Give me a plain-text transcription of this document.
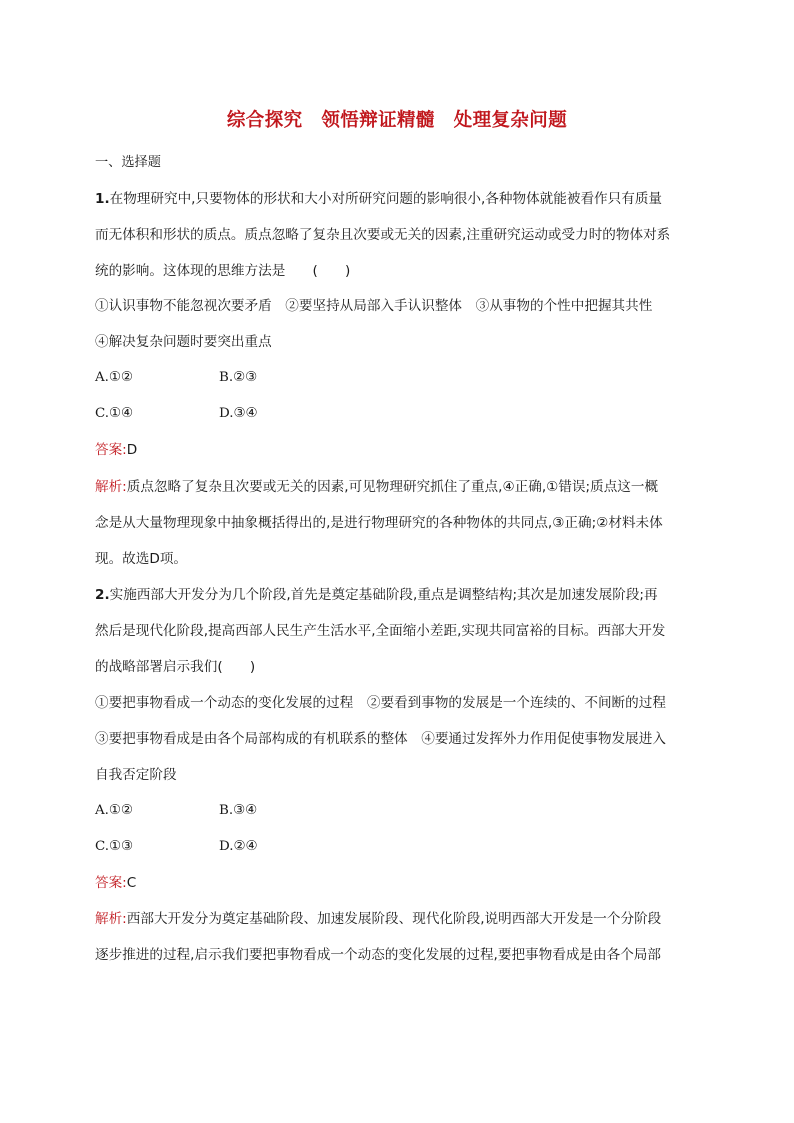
综合探究　领悟辩证精髓　处理复杂问题
一、选择题
1.在物理研究中,只要物体的形状和大小对所研究问题的影响很小,各种物体就能被看作只有质量
而无体积和形状的质点。质点忽略了复杂且次要或无关的因素,注重研究运动或受力时的物体对系
统的影响。这体现的思维方法是　　(　　)
①认识事物不能忽视次要矛盾　②要坚持从局部入手认识整体　③从事物的个性中把握其共性
④解决复杂问题时要突出重点
A.①②	B.②③
C.①④	D.③④
答案:D
解析:质点忽略了复杂且次要或无关的因素,可见物理研究抓住了重点,④正确,①错误;质点这一概
念是从大量物理现象中抽象概括得出的,是进行物理研究的各种物体的共同点,③正确;②材料未体
现。故选D项。
2.实施西部大开发分为几个阶段,首先是奠定基础阶段,重点是调整结构;其次是加速发展阶段;再
然后是现代化阶段,提高西部人民生产生活水平,全面缩小差距,实现共同富裕的目标。西部大开发
的战略部署启示我们(　　)
①要把事物看成一个动态的变化发展的过程　②要看到事物的发展是一个连续的、不间断的过程
③要把事物看成是由各个局部构成的有机联系的整体　④要通过发挥外力作用促使事物发展进入
自我否定阶段
A.①②	B.③④
C.①③	D.②④
答案:C
解析:西部大开发分为奠定基础阶段、加速发展阶段、现代化阶段,说明西部大开发是一个分阶段
逐步推进的过程,启示我们要把事物看成一个动态的变化发展的过程,要把事物看成是由各个局部
